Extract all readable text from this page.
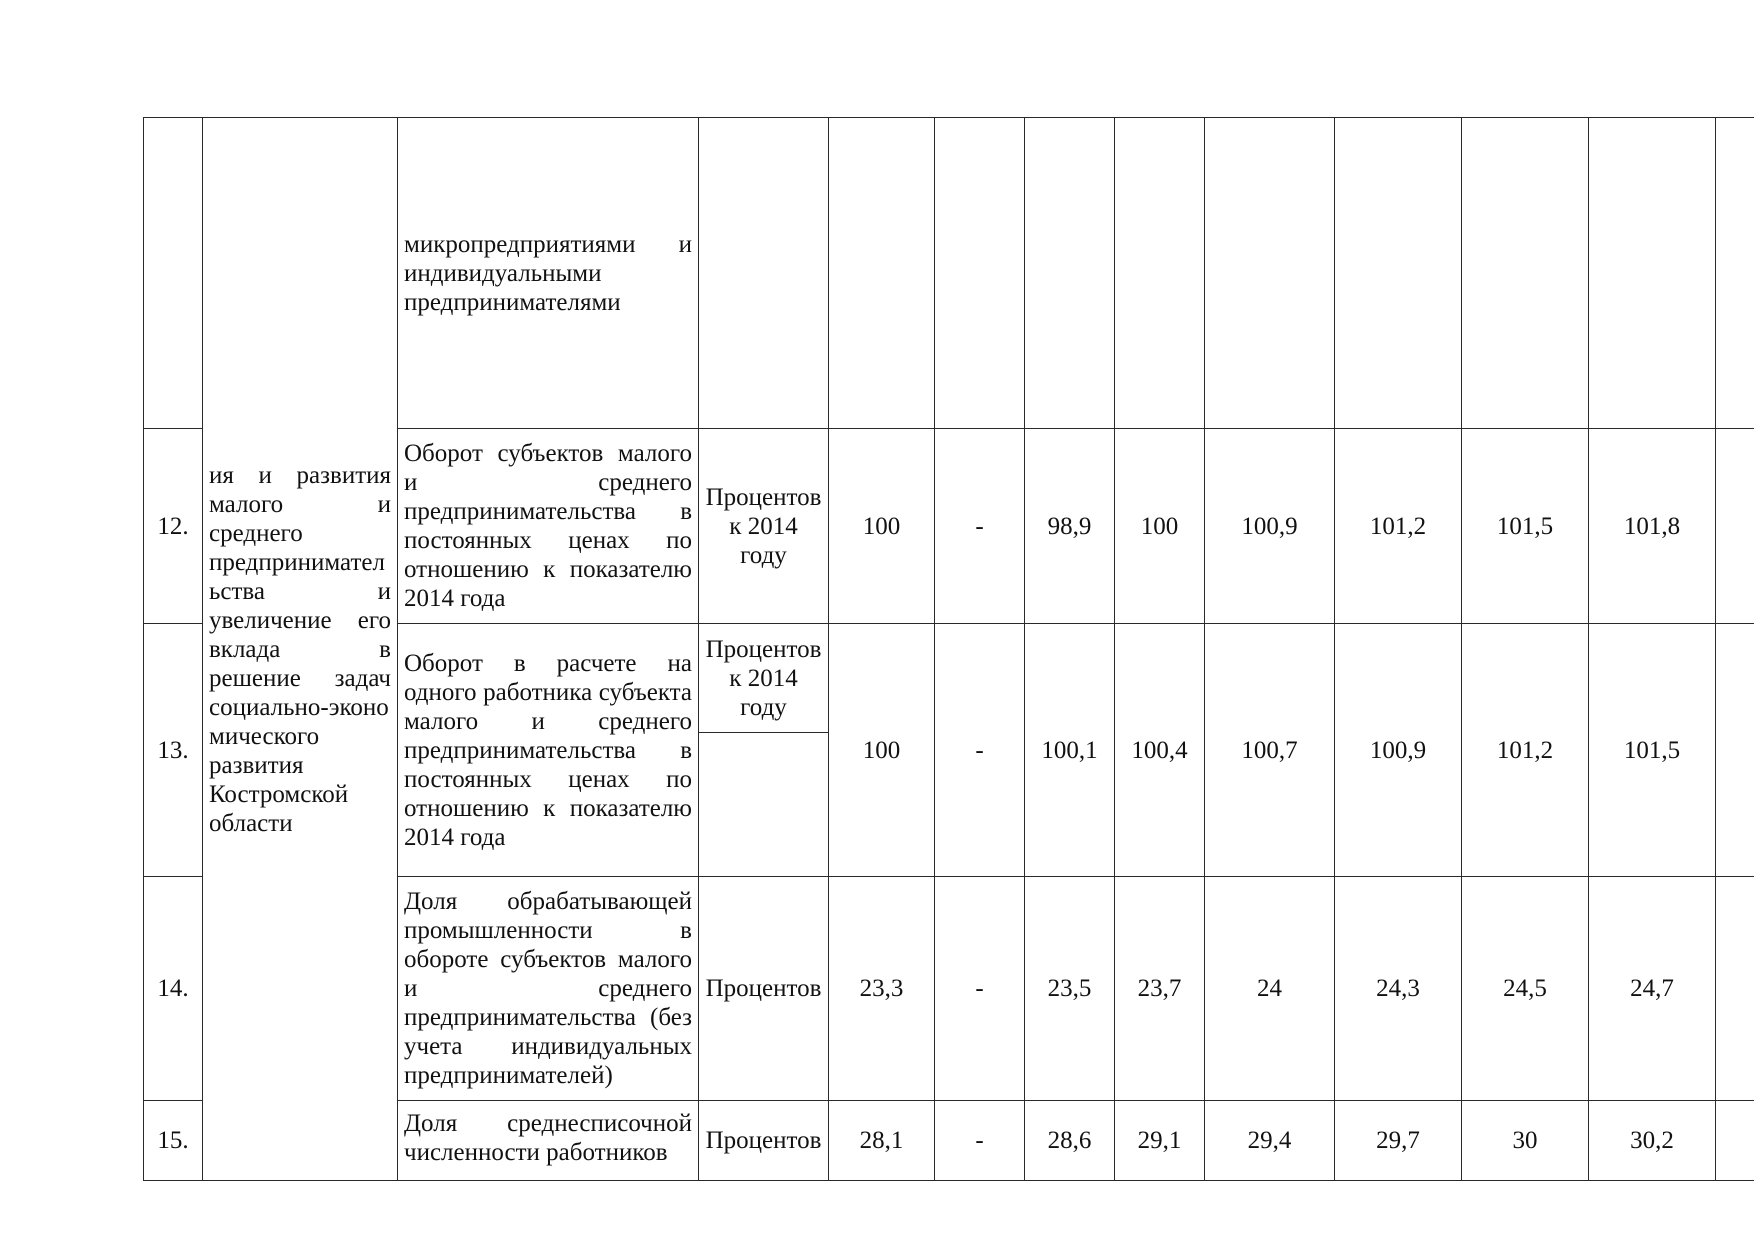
	ия и развития малого и среднего предпринимател ьства и увеличение его вклада в решение задач социально-эконо мического развития Костромской области	микропредприятиями и индивидуальными предпринимателями										
12.		Оборот субъектов малого и среднего предпринимательства в постоянных ценах по отношению к показателю 2014 года	Процентов к 2014 году	100	-	98,9	100	100,9	101,2	101,5	101,8	
13.		Оборот в расчете на одного работника субъекта малого и среднего предпринимательства в постоянных ценах по отношению к показателю 2014 года	Процентов к 2014 году	100	-	100,1	100,4	100,7	100,9	101,2	101,5	
14.		Доля обрабатывающей промышленности в обороте субъектов малого и среднего предпринимательства (без учета индивидуальных предпринимателей)	Процентов	23,3	-	23,5	23,7	24	24,3	24,5	24,7	
15.		Доля среднесписочной численности работников	Процентов	28,1	-	28,6	29,1	29,4	29,7	30	30,2	
